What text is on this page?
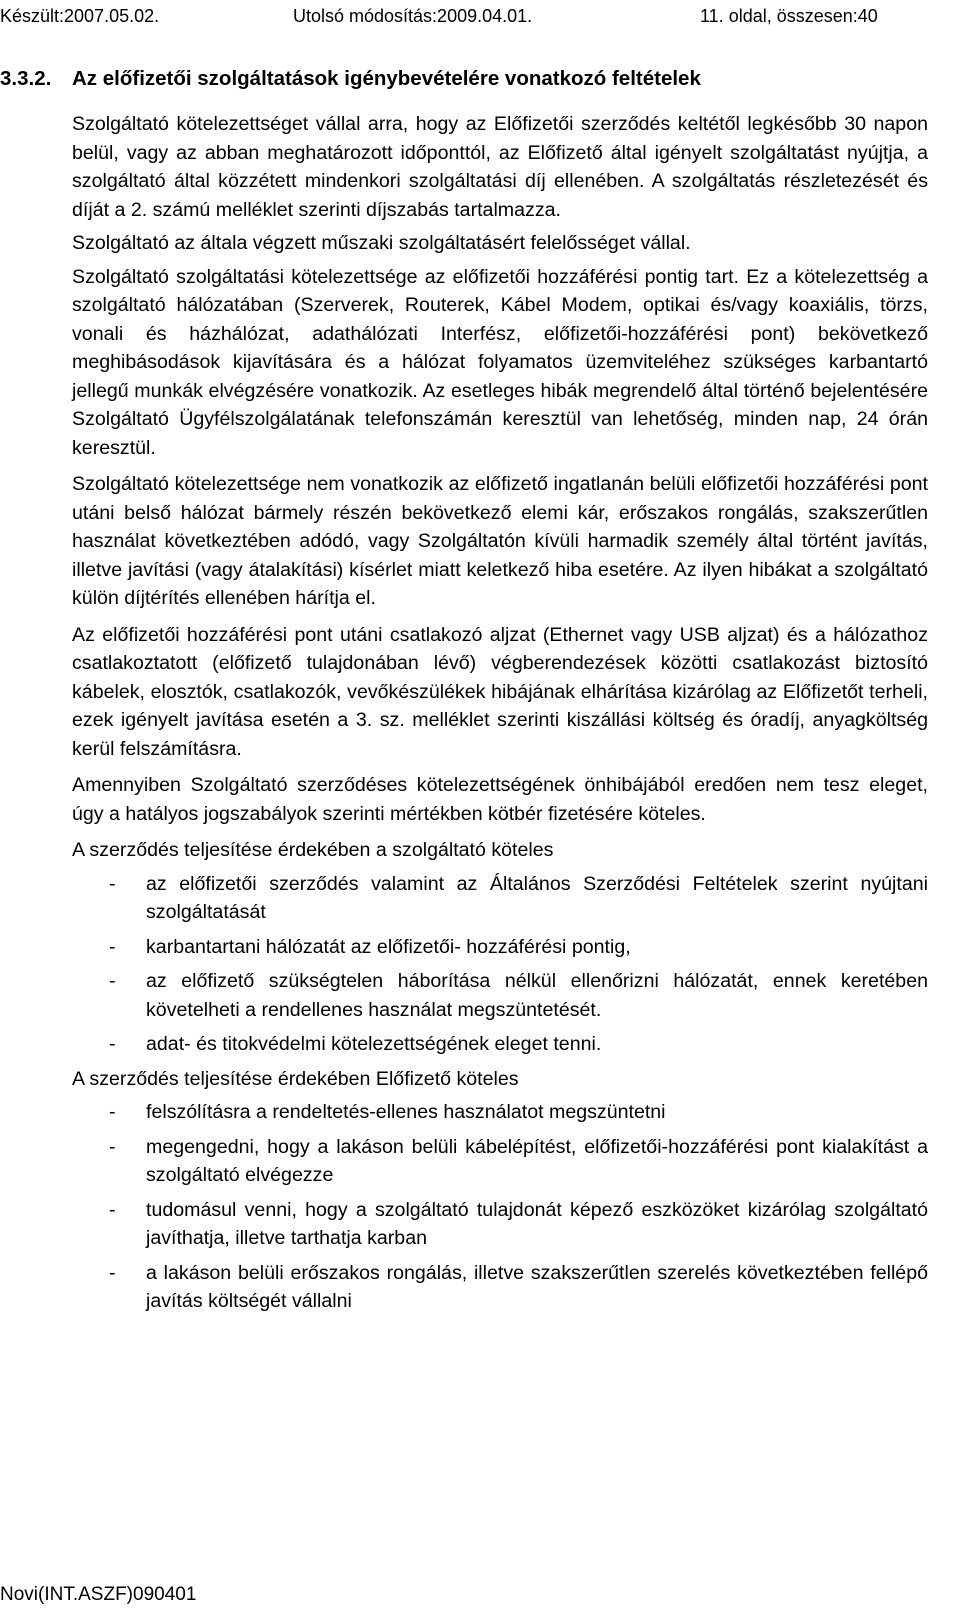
Készült:2007.05.02.	Utolsó módosítás:2009.04.01.	11. oldal, összesen:40
3.3.2. Az előfizetői szolgáltatások igénybevételére vonatkozó feltételek

Szolgáltató kötelezettséget vállal arra, hogy az Előfizetői szerződés keltétől legkésőbb 30 napon belül, vagy az abban meghatározott időponttól, az Előfizető által igényelt szolgáltatást nyújtja, a szolgáltató által közzétett mindenkori szolgáltatási díj ellenében. A szolgáltatás részletezését és díját a 2. számú melléklet szerinti díjszabás tartalmazza.

Szolgáltató az általa végzett műszaki szolgáltatásért felelősséget vállal.

Szolgáltató szolgáltatási kötelezettsége az előfizetői hozzáférési pontig tart. Ez a kötelezettség a szolgáltató hálózatában (Szerverek, Routerek, Kábel Modem, optikai és/vagy koaxiális, törzs, vonali és házhálózat, adathálózati Interfész, előfizetői-hozzáférési pont) bekövetkező meghibásodások kijavítására és a hálózat folyamatos üzemviteléhez szükséges karbantartó jellegű munkák elvégzésére vonatkozik. Az esetleges hibák megrendelő által történő bejelentésére Szolgáltató Ügyfélszolgálatának telefonszámán keresztül van lehetőség, minden nap, 24 órán keresztül.

Szolgáltató kötelezettsége nem vonatkozik az előfizető ingatlanán belüli előfizetői hozzáférési pont utáni belső hálózat bármely részén bekövetkező elemi kár, erőszakos rongálás, szakszerűtlen használat következtében adódó, vagy Szolgáltatón kívüli harmadik személy által történt javítás, illetve javítási (vagy átalakítási) kísérlet miatt keletkező hiba esetére. Az ilyen hibákat a szolgáltató külön díjtérítés ellenében hárítja el.

Az előfizetői hozzáférési pont utáni csatlakozó aljzat (Ethernet vagy USB aljzat) és a hálózathoz csatlakoztatott (előfizető tulajdonában lévő) végberendezések közötti csatlakozást biztosító kábelek, elosztók, csatlakozók, vevőkészülékek hibájának elhárítása kizárólag az Előfizetőt terheli, ezek igényelt javítása esetén a 3. sz. melléklet szerinti kiszállási költség és óradíj, anyagköltség kerül felszámításra.

Amennyiben Szolgáltató szerződéses kötelezettségének önhibájából eredően nem tesz eleget, úgy a hatályos jogszabályok szerinti mértékben kötbér fizetésére köteles.

A szerződés teljesítése érdekében a szolgáltató köteles

- az előfizetői szerződés valamint az Általános Szerződési Feltételek szerint nyújtani szolgáltatását
- karbantartani hálózatát az előfizetői- hozzáférési pontig,
- az előfizető szükségtelen háborítása nélkül ellenőrizni hálózatát, ennek keretében követelheti a rendellenes használat megszüntetését.
- adat- és titokvédelmi kötelezettségének eleget tenni.

A szerződés teljesítése érdekében Előfizető köteles

- felszólításra a rendeltetés-ellenes használatot megszüntetni
- megengedni, hogy a lakáson belüli kábelépítést, előfizetői-hozzáférési pont kialakítást a szolgáltató elvégezze
- tudomásul venni, hogy a szolgáltató tulajdonát képező eszközöket kizárólag szolgáltató javíthatja, illetve tarthatja karban
- a lakáson belüli erőszakos rongálás, illetve szakszerűtlen szerelés következtében fellépő javítás költségét vállalni
Novi(INT.ASZF)090401
